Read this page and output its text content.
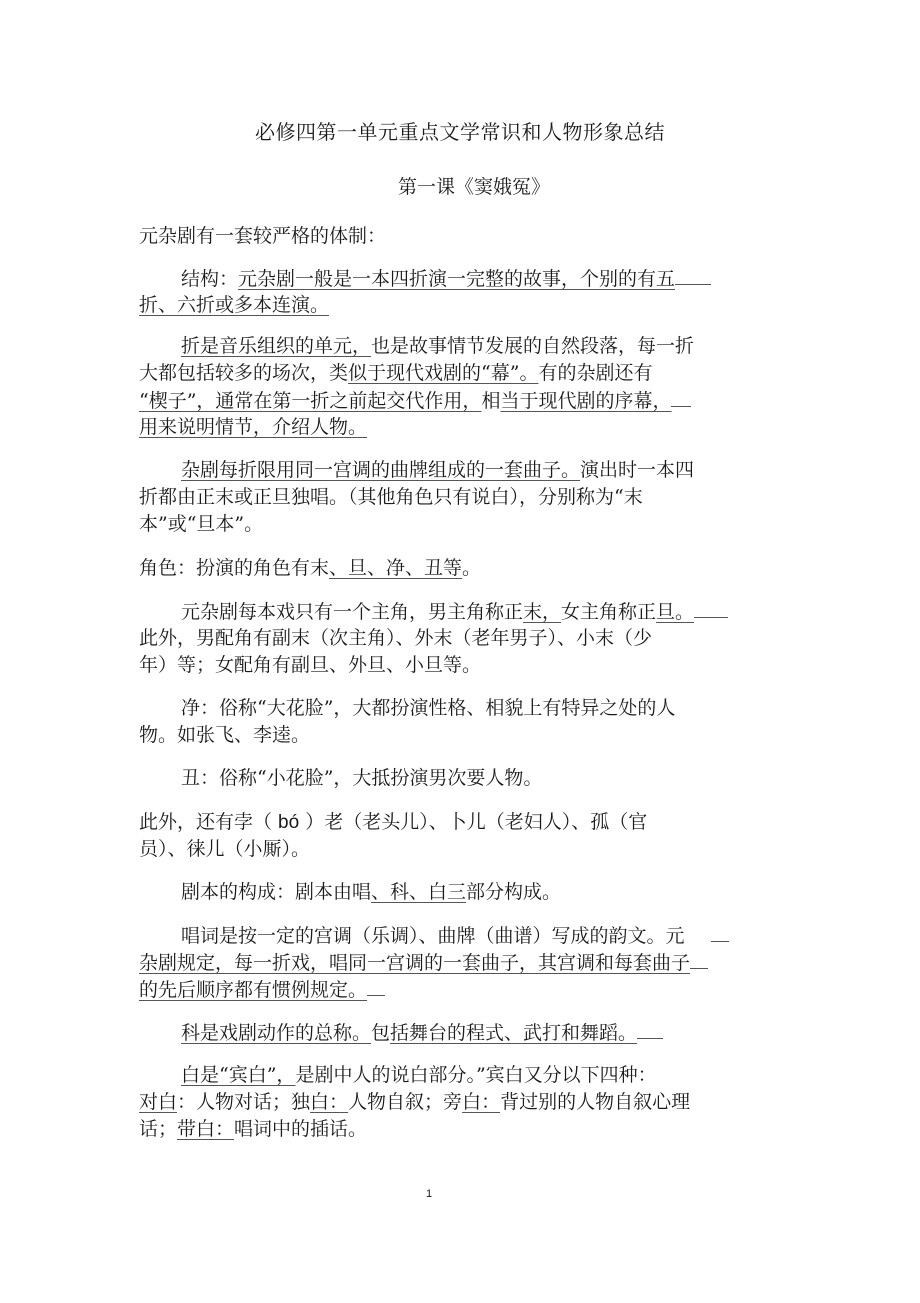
必修四第一单元重点文学常识和人物形象总结
第一课《窦娥冤》
元杂剧有一套较严格的体制：
结构：元杂剧一般是一本四折演一完整的故事，个别的有五
折、六折或多本连演。
折是音乐组织的单元，也是故事情节发展的自然段落，每一折
大都包括较多的场次，类似于现代戏剧的“幕”。有的杂剧还有
“楔子”，通常在第一折之前起交代作用，相当于现代剧的序幕，
用来说明情节，介绍人物。
杂剧每折限用同一宫调的曲牌组成的一套曲子。演出时一本四
折都由正末或正旦独唱。（其他角色只有说白），分别称为“末
本”或“旦本”。
角色：扮演的角色有末、旦、净、丑等。
元杂剧每本戏只有一个主角，男主角称正末，女主角称正旦。
此外，男配角有副末（次主角）、外末（老年男子）、小末（少
年）等；女配角有副旦、外旦、小旦等。
净：俗称“大花脸”，大都扮演性格、相貌上有特异之处的人
物。如张飞、李逵。
丑：俗称“小花脸”，大抵扮演男次要人物。
此外，还有孛（ bó ）老（老头儿）、卜儿（老妇人）、孤（官
员）、徕儿（小厮）。
剧本的构成：剧本由唱、科、白三部分构成。
唱词是按一定的宫调（乐调）、曲牌（曲谱）写成的韵文。元
杂剧规定，每一折戏，唱同一宫调的一套曲子，其宫调和每套曲子
的先后顺序都有惯例规定。
科是戏剧动作的总称。包括舞台的程式、武打和舞蹈。
白是“宾白”，是剧中人的说白部分。”宾白又分以下四种：
对白：人物对话；独白：人物自叙；旁白：背过别的人物自叙心理
话；带白：唱词中的插话。
1
